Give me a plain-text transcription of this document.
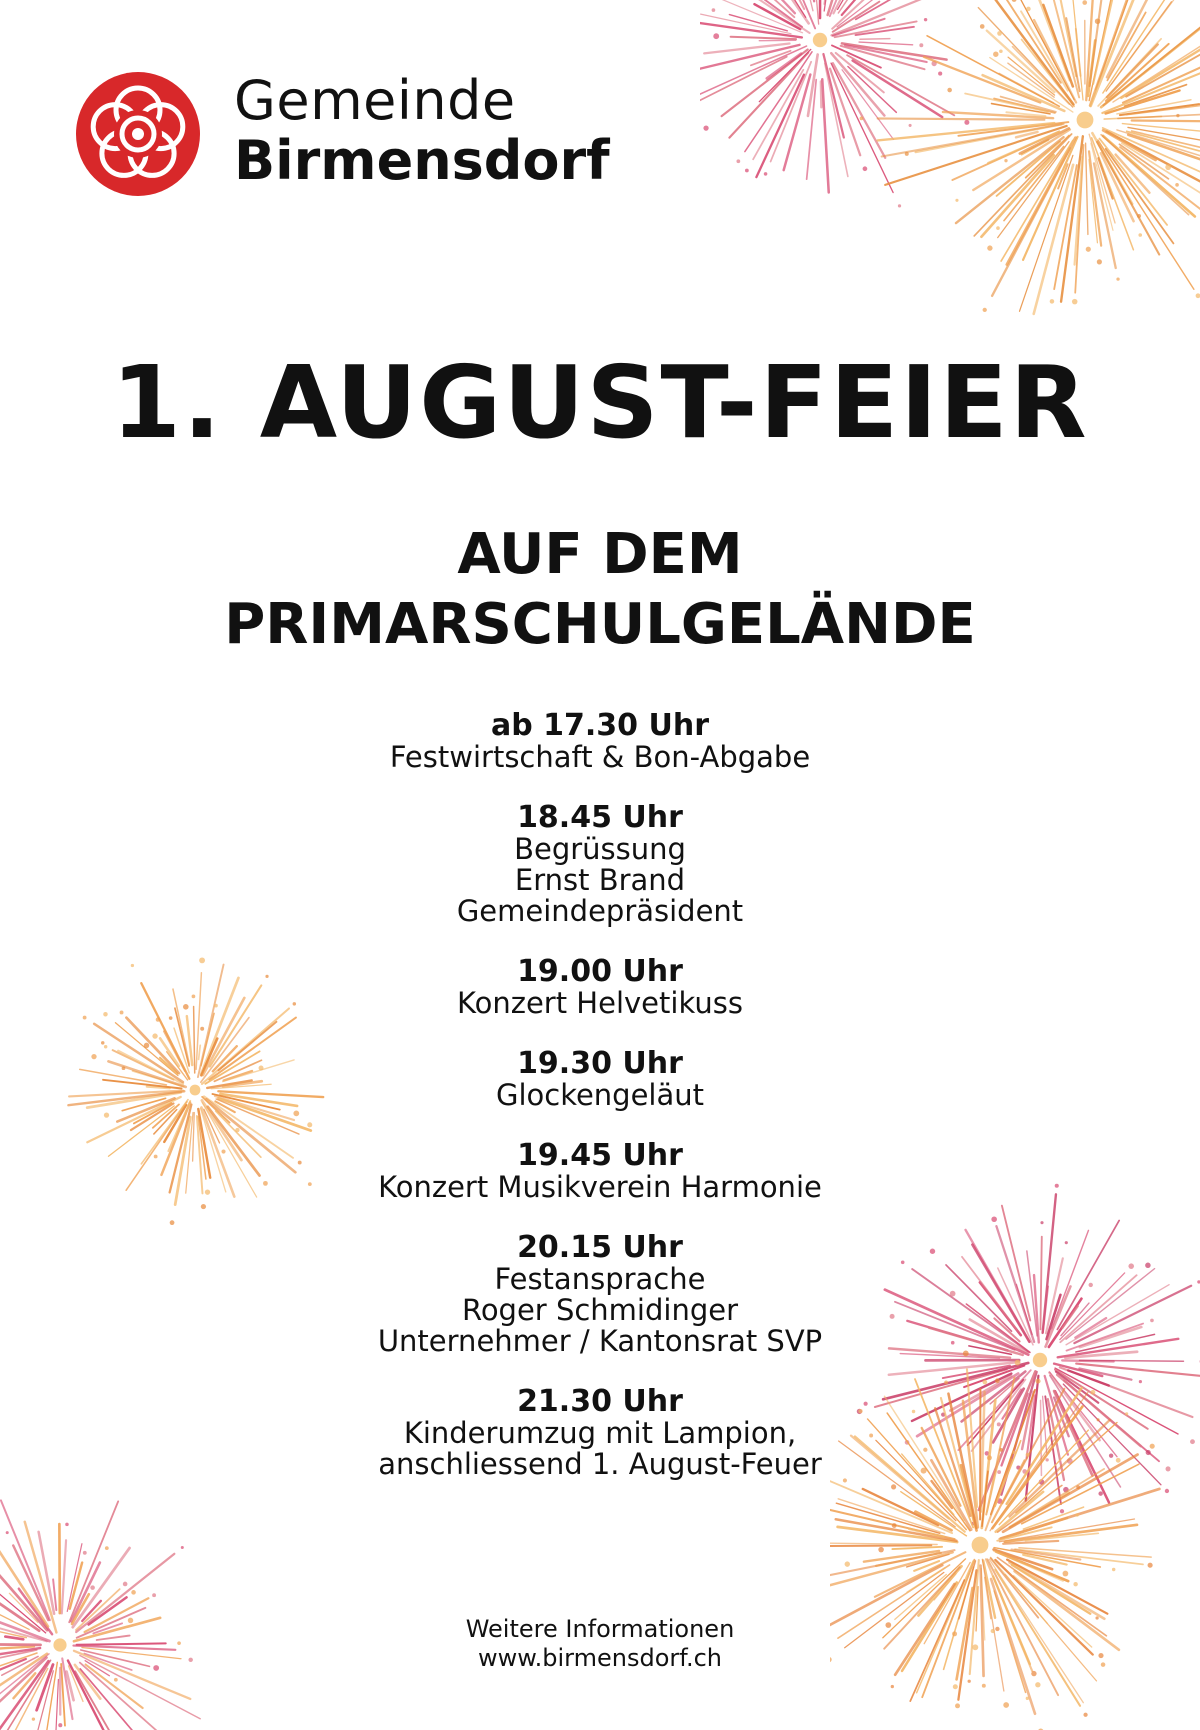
Gemeinde
Birmensdorf
1. AUGUST-FEIER
AUF DEM
PRIMARSCHULGELÄNDE
ab 17.30 Uhr
Festwirtschaft & Bon-Abgabe
18.45 Uhr
Begrüssung
Ernst Brand
Gemeindepräsident
19.00 Uhr
Konzert Helvetikuss
19.30 Uhr
Glockengeläut
19.45 Uhr
Konzert Musikverein Harmonie
20.15 Uhr
Festansprache
Roger Schmidinger
Unternehmer / Kantonsrat SVP
21.30 Uhr
Kinderumzug mit Lampion,
anschliessend 1. August-Feuer
Weitere Informationen
www.birmensdorf.ch
